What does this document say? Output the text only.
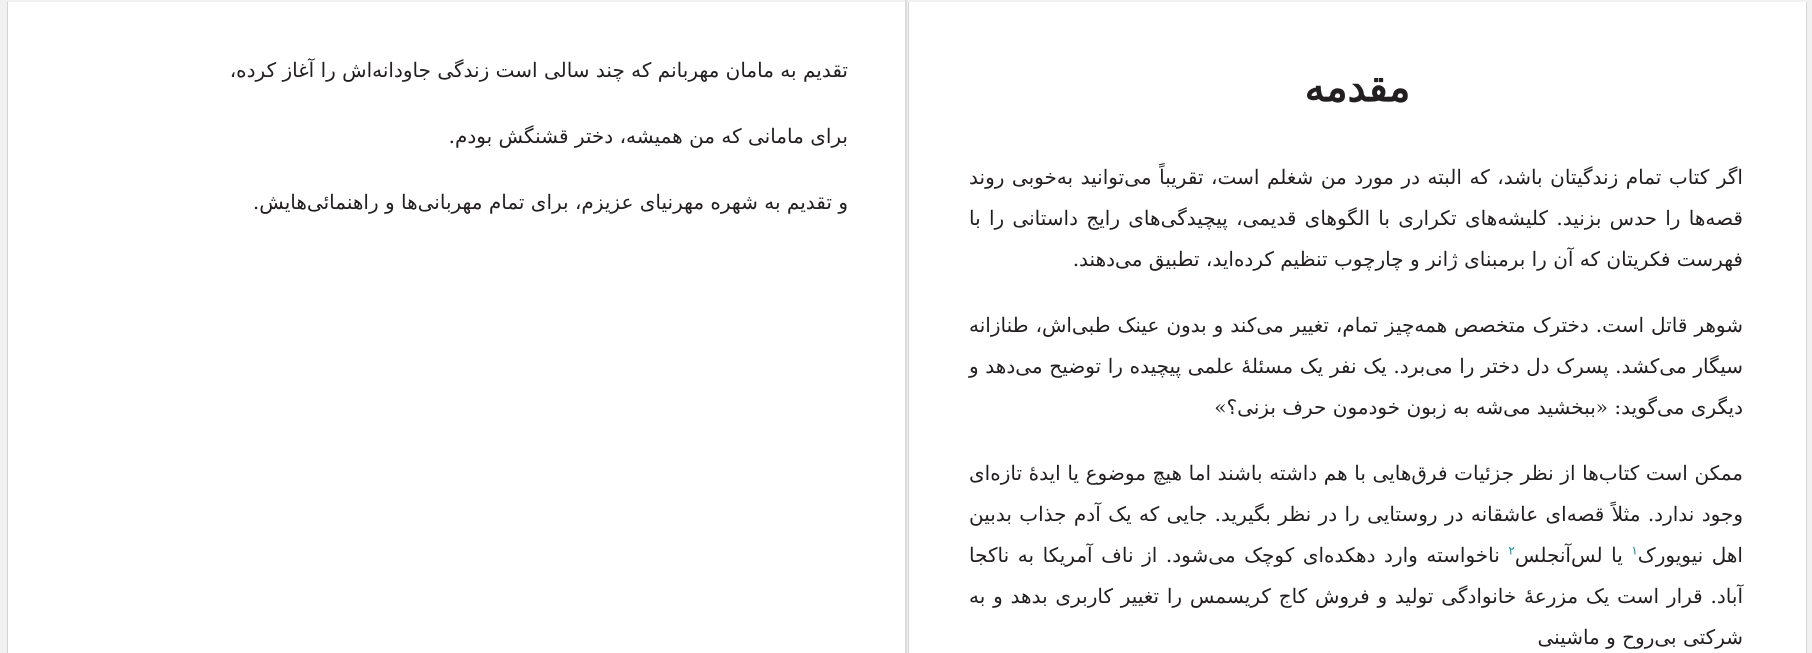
تقدیم به مامان مهربانم که چند سالی است زندگی جاودانه‌اش را آغاز کرده،

برای مامانی که من همیشه، دختر قشنگش بودم.

و تقدیم به شهره مهرنیای عزیزم، برای تمام مهربانی‌ها و راهنمائی‌هایش.

مقدمه

اگر کتاب تمام زندگیتان باشد، که البته در مورد من شغلم است، تقریباً می‌توانید به‌خوبی روند قصه‌ها را حدس بزنید. کلیشه‌های تکراری با الگوهای قدیمی، پیچیدگی‌های رایج داستانی را با فهرست فکریتان که آن را برمبنای ژانر و چارچوب تنظیم کرده‌اید، تطبیق می‌دهند.

شوهر قاتل است. دخترک متخصص همه‌چیز تمام، تغییر می‌کند و بدون عینک طبی‌اش، طنازانه سیگار می‌کشد. پسرک دل دختر را می‌برد. یک نفر یک مسئلهٔ علمی پیچیده را توضیح می‌دهد و دیگری می‌گوید: «ببخشید می‌شه به زبون خودمون حرف بزنی؟»

ممکن است کتاب‌ها از نظر جزئیات فرق‌هایی با هم داشته باشند اما هیچ موضوع یا ایدهٔ تازه‌ای وجود ندارد. مثلاً قصه‌ای عاشقانه در روستایی را در نظر بگیرید. جایی که یک آدم جذاب بدبین اهل نیویورک$^۱$ یا لس‌آنجلس$^۲$ ناخواسته وارد دهکده‌ای کوچک می‌شود. از ناف آمریکا به ناکجا آباد. قرار است یک مزرعهٔ خانوادگی تولید و فروش کاج کریسمس را تغییر کاربری بدهد و به شرکتی بی‌روح و ماشینی
